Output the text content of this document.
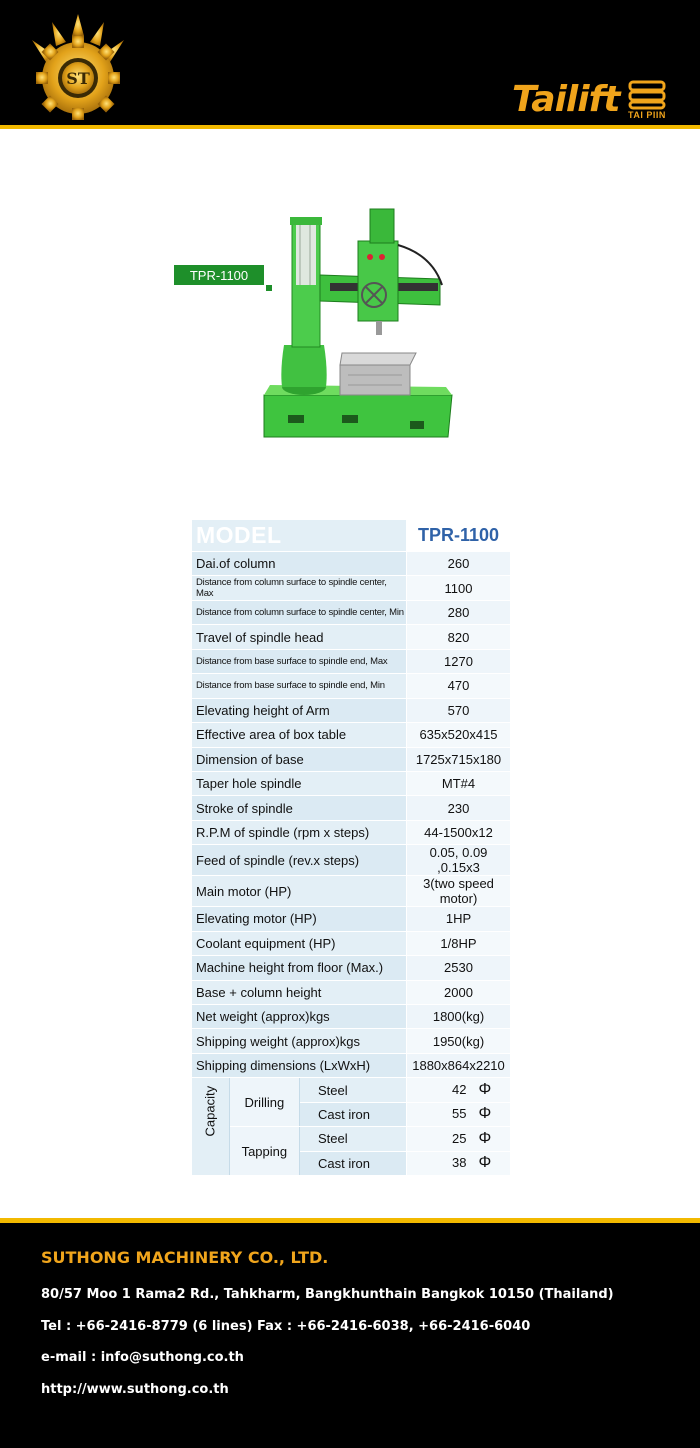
ST
Tailift TAI PIIN
TPR-1100
MODEL			TPR-1100
Dai.of column			260
Distance from column surface to spindle center, Max			1100
Distance from column surface to spindle center, Min			280
Travel of spindle head			820
Distance from base surface to spindle end, Max			1270
Distance from base surface to spindle end, Min			470
Elevating height of Arm			570
Effective area of box table			635x520x415
Dimension of base			1725x715x180
Taper hole spindle			MT#4
Stroke of spindle			230
R.P.M of spindle (rpm x steps)			44-1500x12
Feed of spindle (rev.x steps)			0.05, 0.09 ,0.15x3
Main motor (HP)			3(two speed motor)
Elevating motor (HP)			1HP
Coolant equipment (HP)			1/8HP
Machine height from floor (Max.)			2530
Base + column height			2000
Net weight (approx)kgs			1800(kg)
Shipping weight (approx)kgs			1950(kg)
Shipping dimensions (LxWxH)			1880x864x2210

Capacity	Drilling	Steel	42 Φ
		Cast iron	55 Φ
	Tapping	Steel	25 Φ
		Cast iron	38 Φ
SUTHONG MACHINERY CO., LTD.
80/57 Moo 1 Rama2 Rd., Tahkharm, Bangkhunthain Bangkok 10150 (Thailand)
Tel : +66-2416-8779 (6 lines) Fax : +66-2416-6038, +66-2416-6040
e-mail : info@suthong.co.th
http://www.suthong.co.th
